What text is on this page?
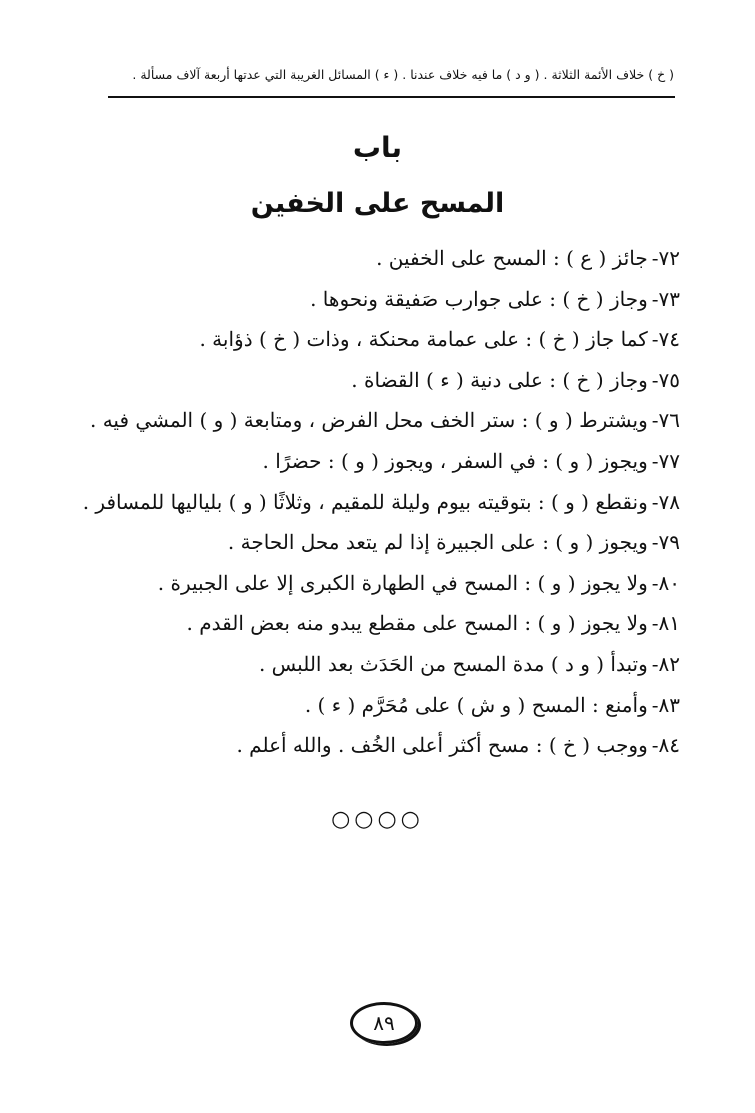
( خ ) خلاف الأئمة الثلاثة . ( و د ) ما فيه خلاف عندنا . ( ء ) المسائل الغريبة التي عدتها أربعة آلاف مسألة .
باب
المسح على الخفين
٧٢-جائز ( ع ) : المسح على الخفين .
٧٣-وجاز ( خ ) : على جوارب صَفيقة ونحوها .
٧٤-كما جاز ( خ ) : على عمامة محنكة ، وذات ( خ ) ذؤابة .
٧٥-وجاز ( خ ) : على دنية ( ء ) القضاة .
٧٦-ويشترط ( و ) : ستر الخف محل الفرض ، ومتابعة ( و ) المشي فيه .
٧٧-ويجوز ( و ) : في السفر ، ويجوز ( و ) : حضرًا .
٧٨-ونقطع ( و ) : بتوقيته بيوم وليلة للمقيم ، وثلاثًا ( و ) بلياليها للمسافر .
٧٩-ويجوز ( و ) : على الجبيرة إذا لم يتعد محل الحاجة .
٨٠-ولا يجوز ( و ) : المسح في الطهارة الكبرى إلا على الجبيرة .
٨١-ولا يجوز ( و ) : المسح على مقطع يبدو منه بعض القدم .
٨٢-وتبدأ ( و د ) مدة المسح من الحَدَث بعد اللبس .
٨٣-وأمنع : المسح ( و ش ) على مُحَرَّم ( ء ) .
٨٤-ووجب ( خ ) : مسح أكثر أعلى الخُف . والله أعلم .
○○○○
٨٩
